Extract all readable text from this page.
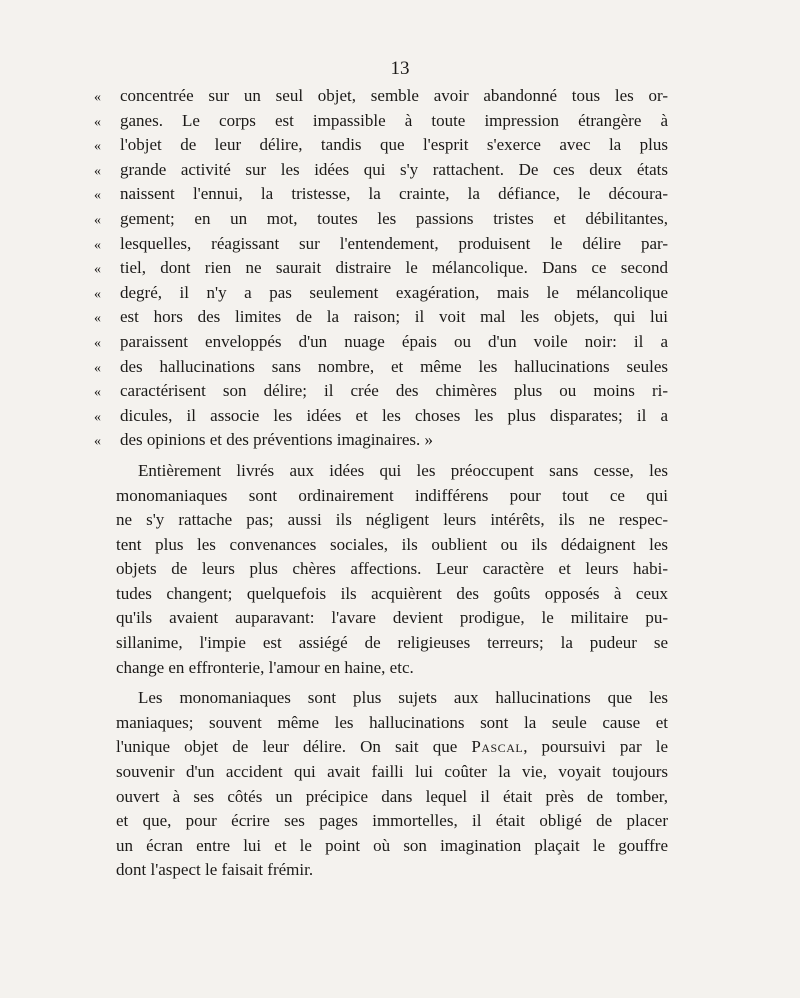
13
«	concentrée sur un seul objet, semble avoir abandonné tous les or-
«	ganes. Le corps est impassible à toute impression étrangère à
«	l'objet de leur délire, tandis que l'esprit s'exerce avec la plus
«	grande activité sur les idées qui s'y rattachent. De ces deux états
«	naissent l'ennui, la tristesse, la crainte, la défiance, le découra-
«	gement; en un mot, toutes les passions tristes et débilitantes,
«	lesquelles, réagissant sur l'entendement, produisent le délire par-
«	tiel, dont rien ne saurait distraire le mélancolique. Dans ce second
«	degré, il n'y a pas seulement exagération, mais le mélancolique
«	est hors des limites de la raison; il voit mal les objets, qui lui
«	paraissent enveloppés d'un nuage épais ou d'un voile noir: il a
«	des hallucinations sans nombre, et même les hallucinations seules
«	caractérisent son délire; il crée des chimères plus ou moins ri-
«	dicules, il associe les idées et les choses les plus disparates; il a
«	des opinions et des préventions imaginaires. »
Entièrement livrés aux idées qui les préoccupent sans cesse, les
monomaniaques sont ordinairement indifférens pour tout ce qui
ne s'y rattache pas; aussi ils négligent leurs intérêts, ils ne respec-
tent plus les convenances sociales, ils oublient ou ils dédaignent les
objets de leurs plus chères affections. Leur caractère et leurs habi-
tudes changent; quelquefois ils acquièrent des goûts opposés à ceux
qu'ils avaient auparavant: l'avare devient prodigue, le militaire pu-
sillanime, l'impie est assiégé de religieuses terreurs; la pudeur se
change en effronterie, l'amour en haine, etc.
Les monomaniaques sont plus sujets aux hallucinations que les
maniaques; souvent même les hallucinations sont la seule cause et
l'unique objet de leur délire. On sait que Pascal, poursuivi par le
souvenir d'un accident qui avait failli lui coûter la vie, voyait toujours
ouvert à ses côtés un précipice dans lequel il était près de tomber,
et que, pour écrire ses pages immortelles, il était obligé de placer
un écran entre lui et le point où son imagination plaçait le gouffre
dont l'aspect le faisait frémir.
